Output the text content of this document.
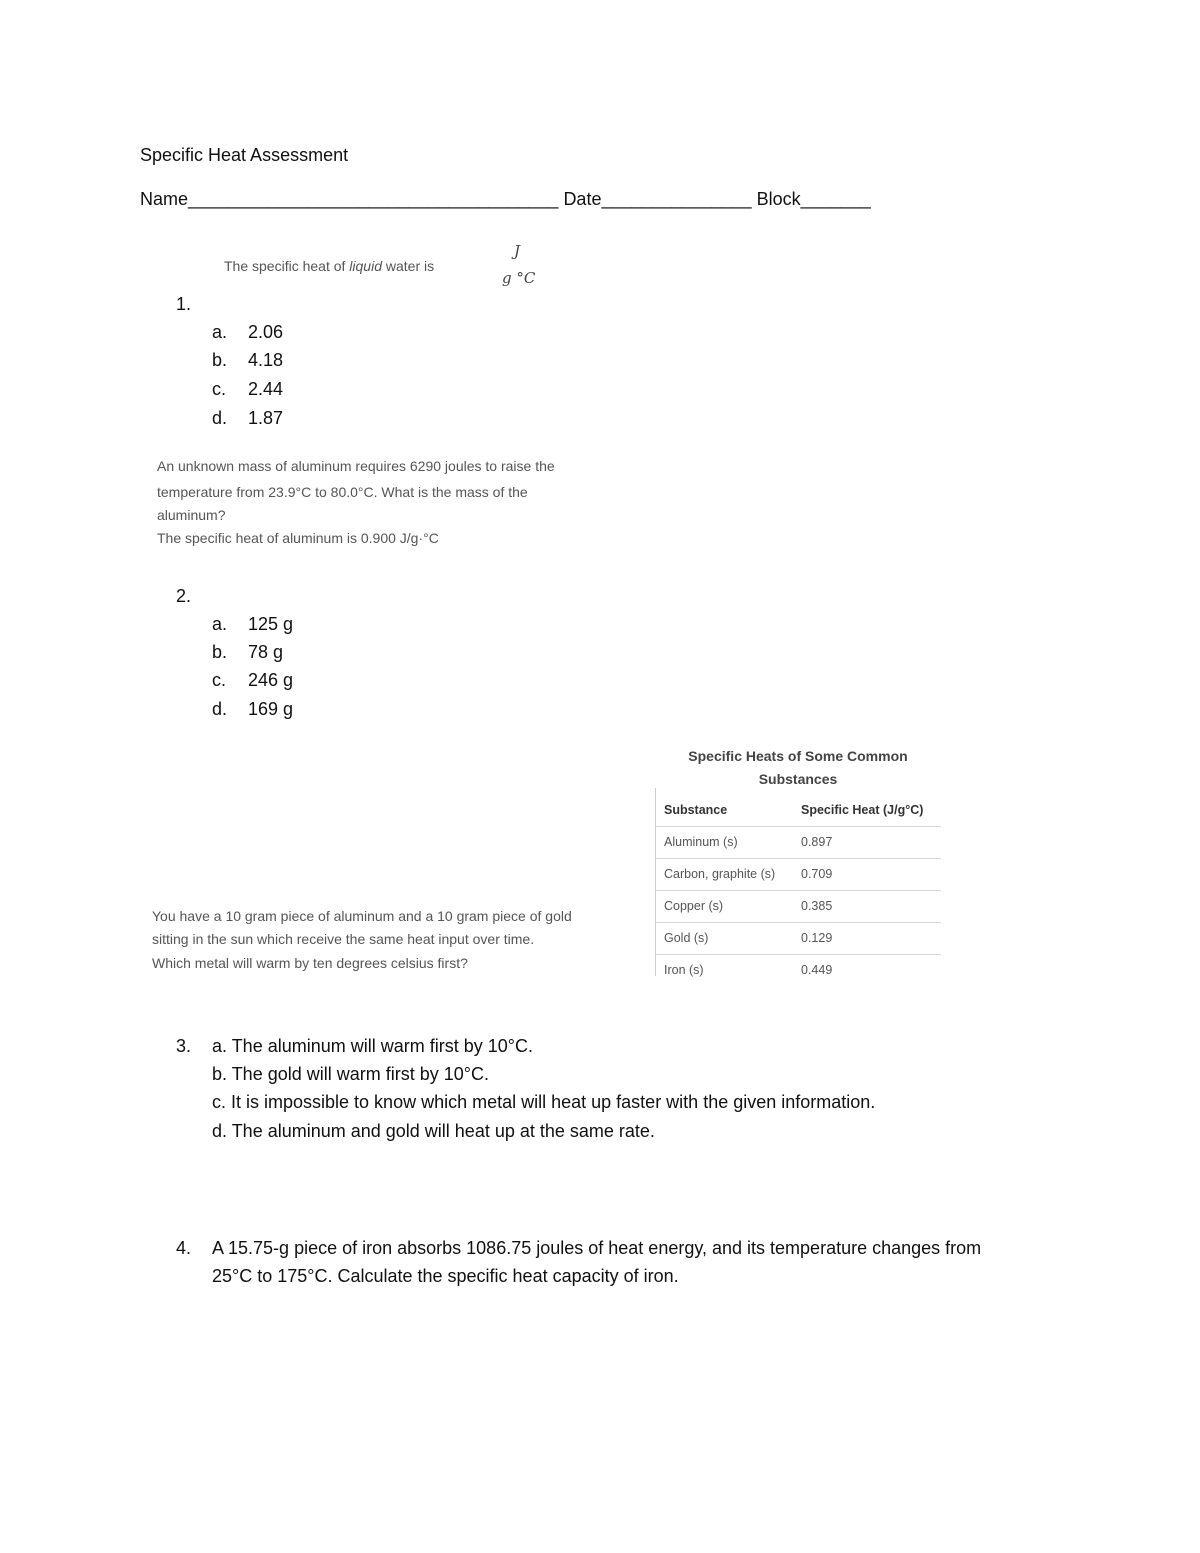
Specific Heat Assessment
Name_____________________________________ Date_______________ Block_______
The specific heat of liquid water is
J
g °C
1.
a. 2.06
b. 4.18
c. 2.44
d. 1.87
An unknown mass of aluminum requires 6290 joules to raise the
temperature from 23.9°C to 80.0°C. What is the mass of the
aluminum?
The specific heat of aluminum is 0.900 J/g·°C
2.
a. 125 g
b. 78 g
c. 246 g
d. 169 g
You have a 10 gram piece of aluminum and a 10 gram piece of gold
sitting in the sun which receive the same heat input over time.
Which metal will warm by ten degrees celsius first?
Specific Heats of Some Common
Substances
Substance	Specific Heat (J/g°C)
Aluminum (s)	0.897
Carbon, graphite (s) 0.709
Copper (s)	0.385
Gold (s)	0.129
Iron (s)	0.449
3. a. The aluminum will warm first by 10°C.
b. The gold will warm first by 10°C.
c. It is impossible to know which metal will heat up faster with the given information.
d. The aluminum and gold will heat up at the same rate.
4. A 15.75-g piece of iron absorbs 1086.75 joules of heat energy, and its temperature changes from
25°C to 175°C. Calculate the specific heat capacity of iron.
